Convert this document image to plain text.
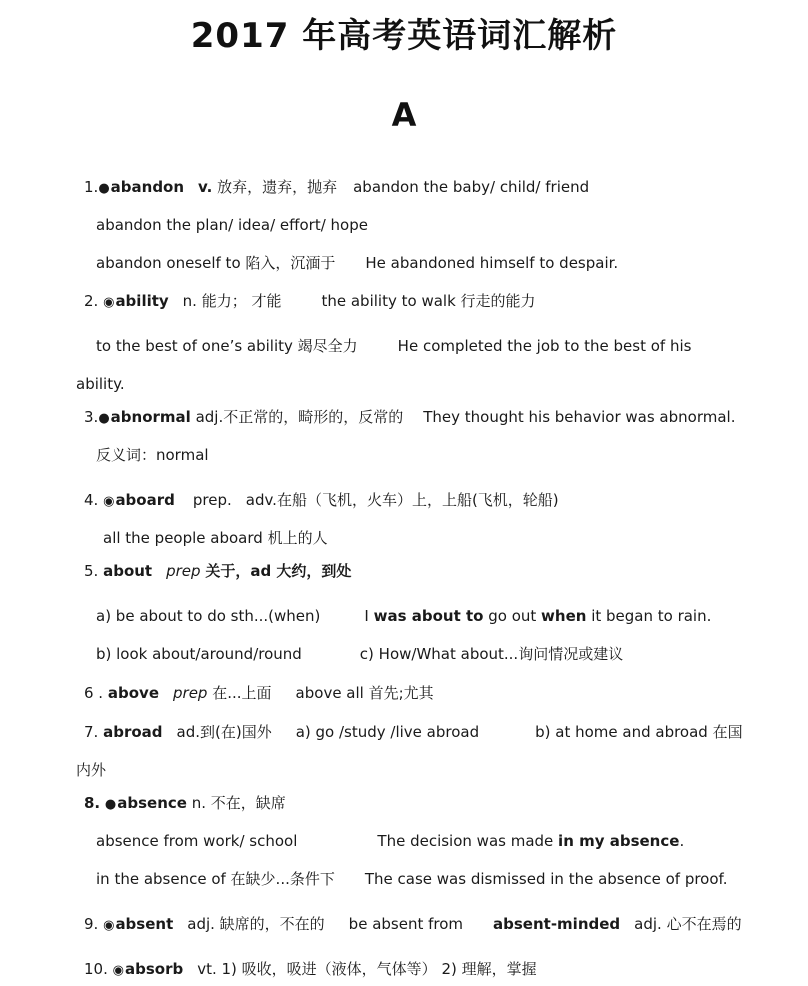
2017 年高考英语词汇解析
A
1.●abandon v. 放弃，遗弃，抛弃 abandon the baby/ child/ friend
abandon the plan/ idea/ effort/ hope
abandon oneself to 陷入，沉湎于 He abandoned himself to despair.
2. ◉ability n. 能力； 才能	the ability to walk 行走的能力
to the best of one’s ability 竭尽全力	He completed the job to the best of his
ability.
3.●abnormal adj.不正常的，畸形的，反常的 They thought his behavior was abnormal.
反义词：normal
4. ◉aboard prep. adv.在船（飞机，火车）上，上船(飞机，轮船)
all the people aboard 机上的人
5. about prep 关于，ad 大约，到处
a) be about to do sth...(when)	I was about to go out when it began to rain.
b) look about/around/round	c) How/What about...询问情况或建议
6 . above prep 在...上面 above all 首先;尤其
7. abroad ad.到(在)国外 a) go /study /live abroad	b) at home and abroad 在国
内外
8. ●absence n. 不在，缺席
absence from work/ school	The decision was made in my absence.
in the absence of 在缺少...条件下 The case was dismissed in the absence of proof.
9. ◉absent adj. 缺席的，不在的 be absent from absent-minded adj. 心不在焉的
10. ◉absorb vt. 1) 吸收，吸进（液体，气体等） 2) 理解，掌握
